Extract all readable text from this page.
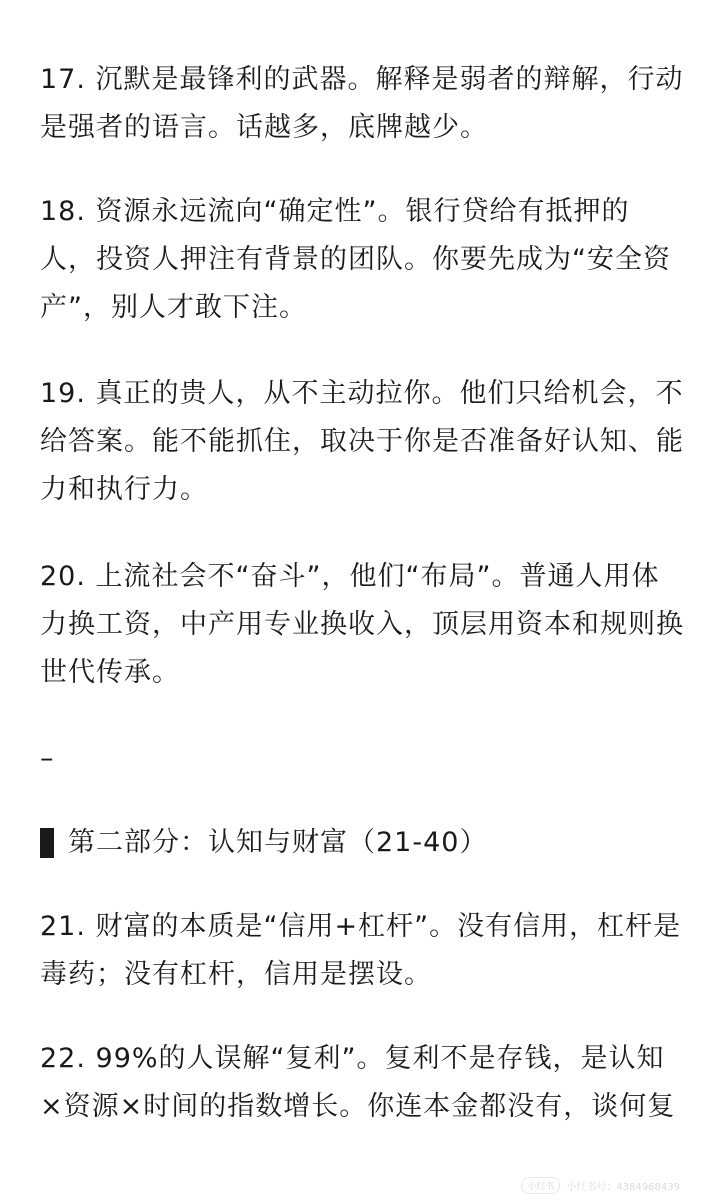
17. 沉默是最锋利的武器。解释是弱者的辩解，行动是强者的语言。话越多，底牌越少。

18. 资源永远流向“确定性”。银行贷给有抵押的人，投资人押注有背景的团队。你要先成为“安全资产”，别人才敢下注。

19. 真正的贵人，从不主动拉你。他们只给机会，不给答案。能不能抓住，取决于你是否准备好认知、能力和执行力。

20. 上流社会不“奋斗”，他们“布局”。普通人用体力换工资，中产用专业换收入，顶层用资本和规则换世代传承。

–
第二部分：认知与财富（21-40）

21. 财富的本质是“信用+杠杆”。没有信用，杠杆是毒药；没有杠杆，信用是摆设。

22. 99%的人误解“复利”。复利不是存钱，是认知×资源×时间的指数增长。你连本金都没有，谈何复

小红书	小红书号：4384968439
